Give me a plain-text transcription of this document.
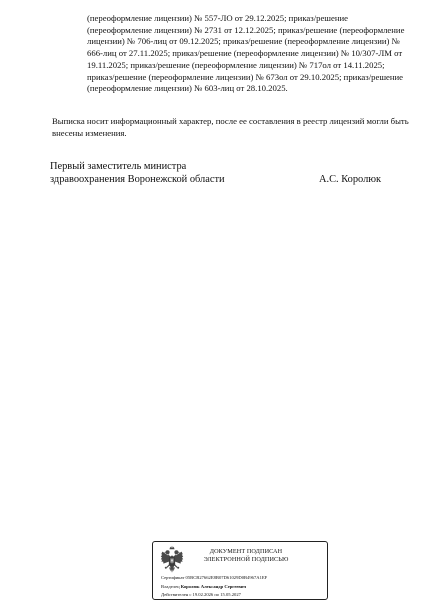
(переоформление лицензии) № 557-ЛО от 29.12.2025; приказ/решение
(переоформление лицензии) № 2731 от 12.12.2025; приказ/решение (переоформление
лицензии) № 706-лиц от 09.12.2025; приказ/решение (переоформление лицензии) №
666-лиц от 27.11.2025; приказ/решение (переоформление лицензии) № 10/307-ЛМ от
19.11.2025; приказ/решение (переоформление лицензии) № 717ол от 14.11.2025;
приказ/решение (переоформление лицензии) № 673ол от 29.10.2025; приказ/решение
(переоформление лицензии) № 603-лиц от 28.10.2025.
Выписка носит информационный характер, после ее составления в реестр лицензий могли быть
внесены изменения.
Первый заместитель министра
здравоохранения Воронежской области	А.С. Королюк
ДОКУМЕНТ ПОДПИСАН
ЭЛЕКТРОННОЙ ПОДПИСЬЮ
Сертификат 05BCB27662E8B07D61029D0B4967A1EF
Владелец Королюк Александр Сергеевич
Действителен с 19.02.2026 по 15.05.2027
